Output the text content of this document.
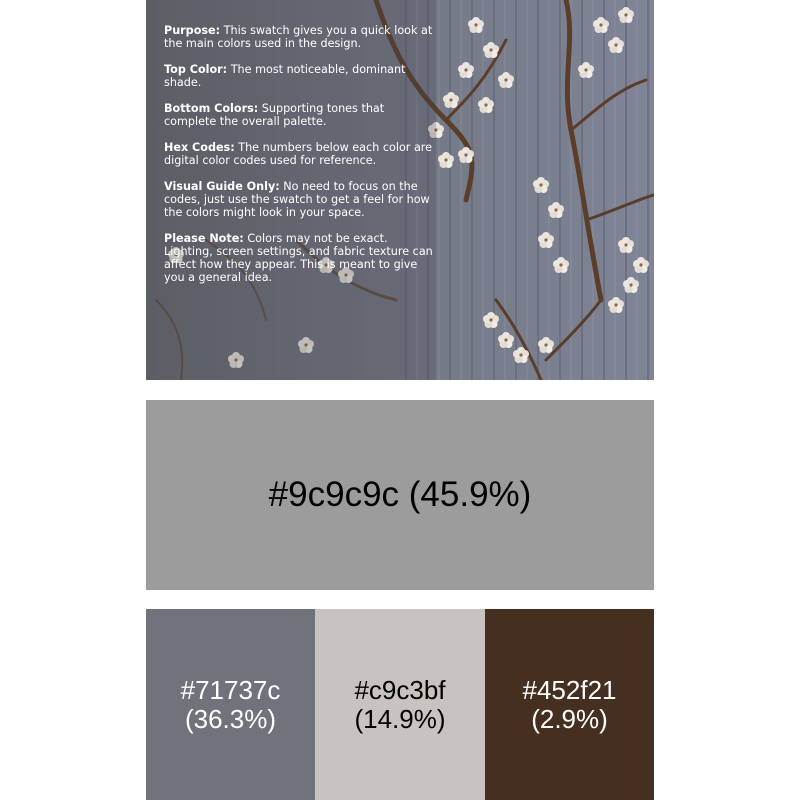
Purpose: This swatch gives you a quick look at the main colors used in the design.

Top Color: The most noticeable, dominant shade.

Bottom Colors: Supporting tones that complete the overall palette.

Hex Codes: The numbers below each color are digital color codes used for reference.

Visual Guide Only: No need to focus on the codes, just use the swatch to get a feel for how the colors might look in your space.

Please Note: Colors may not be exact. Lighting, screen settings, and fabric texture can affect how they appear. This is meant to give you a general idea.

#9c9c9c (45.9%)
#71737c
(36.3%)
#c9c3bf
(14.9%)
#452f21
(2.9%)
